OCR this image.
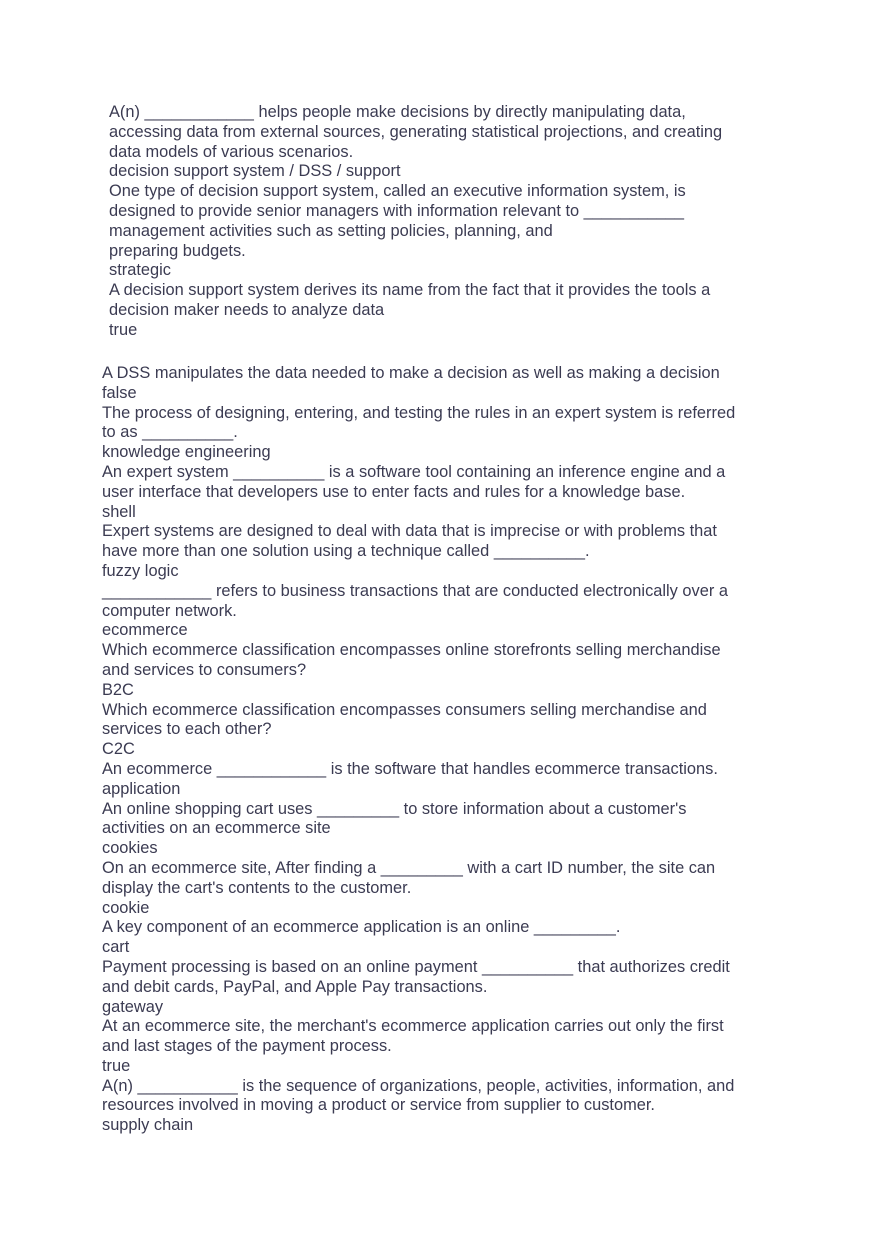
A(n) ____________ helps people make decisions by directly manipulating data,
accessing data from external sources, generating statistical projections, and creating
data models of various scenarios.
decision support system / DSS / support
One type of decision support system, called an executive information system, is
designed to provide senior managers with information relevant to ___________
management activities such as setting policies, planning, and
preparing budgets.
strategic
A decision support system derives its name from the fact that it provides the tools a
decision maker needs to analyze data
true
A DSS manipulates the data needed to make a decision as well as making a decision
false
The process of designing, entering, and testing the rules in an expert system is referred
to as __________.
knowledge engineering
An expert system __________ is a software tool containing an inference engine and a
user interface that developers use to enter facts and rules for a knowledge base.
shell
Expert systems are designed to deal with data that is imprecise or with problems that
have more than one solution using a technique called __________.
fuzzy logic
____________ refers to business transactions that are conducted electronically over a
computer network.
ecommerce
Which ecommerce classification encompasses online storefronts selling merchandise
and services to consumers?
B2C
Which ecommerce classification encompasses consumers selling merchandise and
services to each other?
C2C
An ecommerce ____________ is the software that handles ecommerce transactions.
application
An online shopping cart uses _________ to store information about a customer's
activities on an ecommerce site
cookies
On an ecommerce site, After finding a _________ with a cart ID number, the site can
display the cart's contents to the customer.
cookie
A key component of an ecommerce application is an online _________.
cart
Payment processing is based on an online payment __________ that authorizes credit
and debit cards, PayPal, and Apple Pay transactions.
gateway
At an ecommerce site, the merchant's ecommerce application carries out only the first
and last stages of the payment process.
true
A(n) ___________ is the sequence of organizations, people, activities, information, and
resources involved in moving a product or service from supplier to customer.
supply chain
